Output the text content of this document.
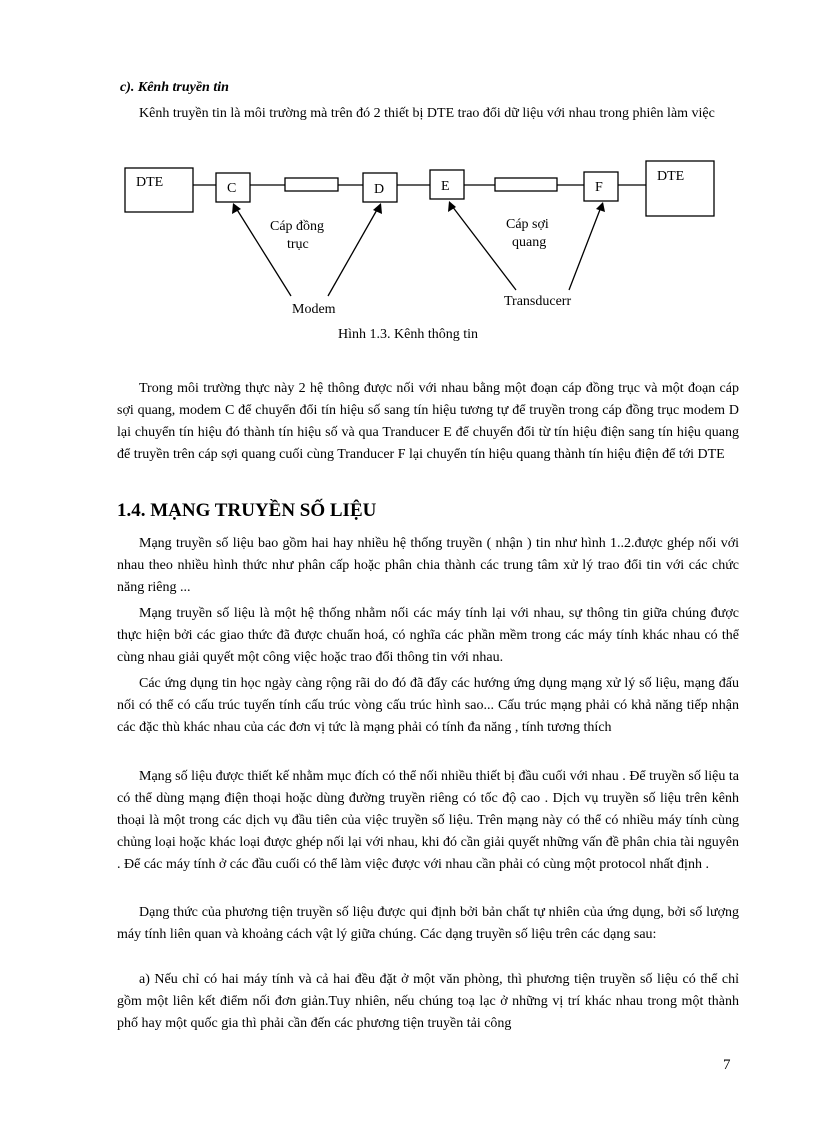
c). Kênh truyền tin

Kênh truyền tin là môi trường mà trên đó 2 thiết bị DTE trao đổi dữ liệu với nhau trong phiên làm việc

DTE	C	D	E	F
DTE
Cáp đồng
trục
Cáp sợi
quang
Modem
Transducerr
Hình 1.3. Kênh thông tin

Trong môi trường thực này 2 hệ thông được nối với nhau bằng một đoạn cáp đồng trục và một đoạn cáp sợi quang, modem C để chuyển đổi tín hiệu số sang tín hiệu tương tự để truyền trong cáp đồng trục modem D lại chuyển tín hiệu đó thành tín hiệu số và qua Tranducer E để chuyển đổi từ tín hiệu điện sang tín hiệu quang để truyền trên cáp sợi quang cuối cùng Tranducer F lại chuyển tín hiệu quang thành tín hiệu điện để tới DTE

1.4. MẠNG TRUYỀN SỐ LIỆU

Mạng truyền số liệu bao gồm hai hay nhiều hệ thống truyền ( nhận ) tin như hình 1..2.được ghép nối với nhau theo nhiều hình thức như phân cấp hoặc phân chia thành các trung tâm xử lý trao đổi tin với các chức năng riêng ...

Mạng truyền số liệu là một hệ thống nhằm nối các máy tính lại với nhau, sự thông tin giữa chúng được thực hiện bởi các giao thức đã được chuẩn hoá, có nghĩa các phần mềm trong các máy tính khác nhau có thể cùng nhau giải quyết một công việc hoặc trao đổi thông tin với nhau.

Các ứng dụng tin học ngày càng rộng rãi do đó đã đẩy các hướng ứng dụng mạng xử lý số liệu, mạng đấu nối có thể có cấu trúc tuyến tính cấu trúc vòng cấu trúc hình sao... Cấu trúc mạng phải có khả năng tiếp nhận các đặc thù khác nhau của các đơn vị tức là mạng phải có tính đa năng , tính tương thích

Mạng số liệu được thiết kế nhằm mục đích có thể nối nhiều thiết bị đầu cuối với nhau . Để truyền số liệu ta có thể dùng mạng điện thoại hoặc dùng đường truyền riêng có tốc độ cao . Dịch vụ truyền số liệu trên kênh thoại là một trong các dịch vụ đầu tiên của việc truyền số liệu. Trên mạng này có thể có nhiều máy tính cùng chủng loại hoặc khác loại được ghép nối lại với nhau, khi đó cần giải quyết những vấn đề phân chia tài nguyên . Để các máy tính ở các đầu cuối có thể làm việc được với nhau cần phải có cùng một protocol nhất định .

Dạng thức của phương tiện truyền số liệu được qui định bởi bản chất tự nhiên của ứng dụng, bởi số lượng máy tính liên quan và khoảng cách vật lý giữa chúng. Các dạng truyền số liệu trên các dạng sau:

a) Nếu chỉ có hai máy tính và cả hai đều đặt ở một văn phòng, thì phương tiện truyền số liệu có thể chỉ gồm một liên kết điểm nối đơn giản.Tuy nhiên, nếu chúng toạ lạc ở những vị trí khác nhau trong một thành phố hay một quốc gia thì phải cần đến các phương tiện truyền tải công

7
